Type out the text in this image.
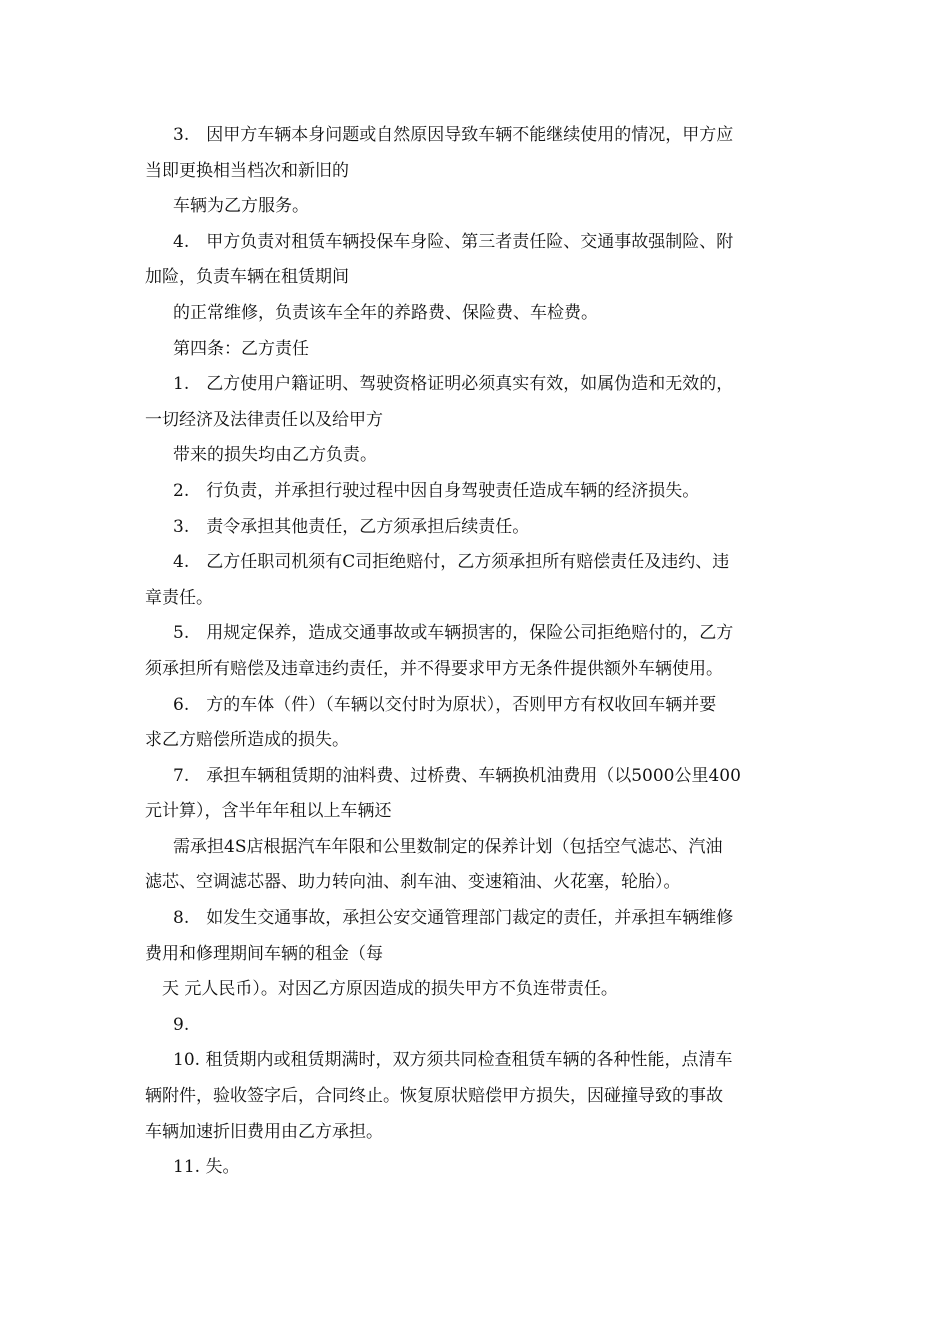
3.　因甲方车辆本身问题或自然原因导致车辆不能继续使用的情况，甲方应
当即更换相当档次和新旧的
车辆为乙方服务。
4.　甲方负责对租赁车辆投保车身险、第三者责任险、交通事故强制险、附
加险，负责车辆在租赁期间
的正常维修，负责该车全年的养路费、保险费、车检费。
第四条：乙方责任
1.　乙方使用户籍证明、驾驶资格证明必须真实有效，如属伪造和无效的，
一切经济及法律责任以及给甲方
带来的损失均由乙方负责。
2.　行负责，并承担行驶过程中因自身驾驶责任造成车辆的经济损失。
3.　责令承担其他责任，乙方须承担后续责任。
4.　乙方任职司机须有C司拒绝赔付，乙方须承担所有赔偿责任及违约、违
章责任。
5.　用规定保养，造成交通事故或车辆损害的，保险公司拒绝赔付的，乙方
须承担所有赔偿及违章违约责任，并不得要求甲方无条件提供额外车辆使用。
6.　方的车体（件）（车辆以交付时为原状），否则甲方有权收回车辆并要
求乙方赔偿所造成的损失。
7.　承担车辆租赁期的油料费、过桥费、车辆换机油费用（以5000公里400
元计算），含半年年租以上车辆还
需承担4S店根据汽车年限和公里数制定的保养计划（包括空气滤芯、汽油
滤芯、空调滤芯器、助力转向油、刹车油、变速箱油、火花塞，轮胎）。
8.　如发生交通事故，承担公安交通管理部门裁定的责任，并承担车辆维修
费用和修理期间车辆的租金（每
天 元人民币）。对因乙方原因造成的损失甲方不负连带责任。
9.
10. 租赁期内或租赁期满时，双方须共同检查租赁车辆的各种性能，点清车
辆附件，验收签字后，合同终止。恢复原状赔偿甲方损失，因碰撞导致的事故
车辆加速折旧费用由乙方承担。
11. 失。
